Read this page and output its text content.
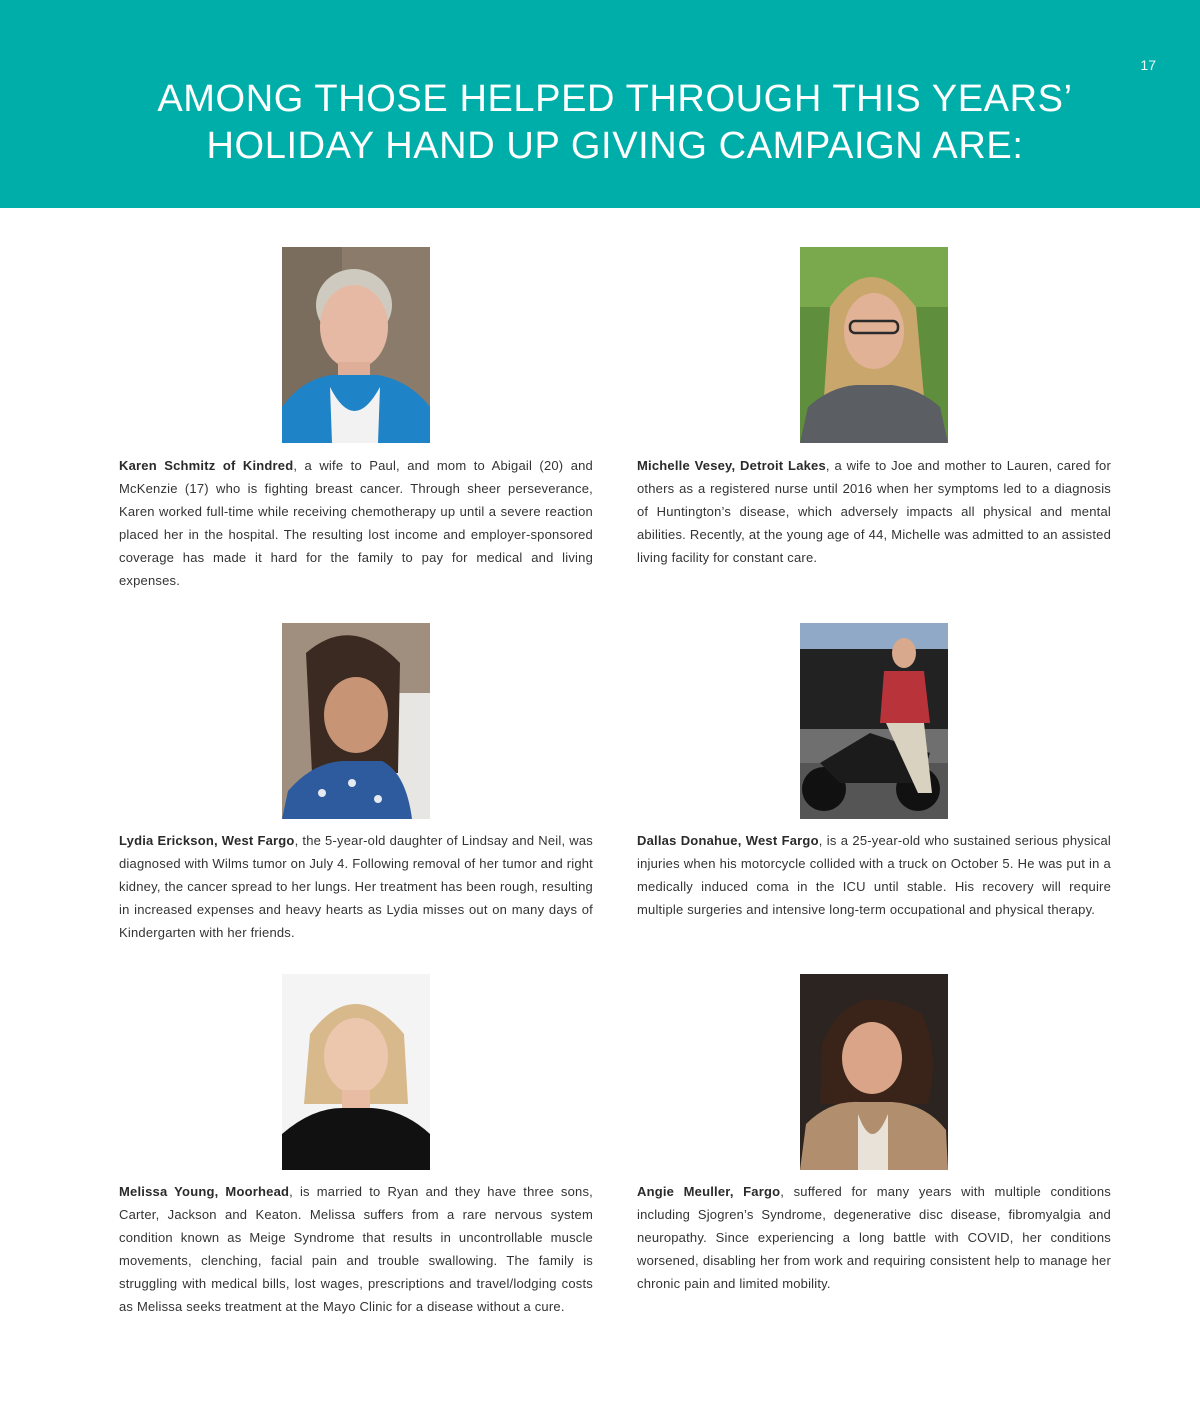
17
AMONG THOSE HELPED THROUGH THIS YEARS’
HOLIDAY HAND UP GIVING CAMPAIGN ARE:

Karen Schmitz of Kindred, a wife to Paul, and mom to Abigail (20) and McKenzie (17) who is fighting breast cancer. Through sheer perseverance, Karen worked full-time while receiving chemotherapy up until a severe reaction placed her in the hospital. The resulting lost income and employer-sponsored coverage has made it hard for the family to pay for medical and living expenses.

Michelle Vesey, Detroit Lakes, a wife to Joe and mother to Lauren, cared for others as a registered nurse until 2016 when her symptoms led to a diagnosis of Huntington’s disease, which adversely impacts all physical and mental abilities. Recently, at the young age of 44, Michelle was admitted to an assisted living facility for constant care.

Lydia Erickson, West Fargo, the 5-year-old daughter of Lindsay and Neil, was diagnosed with Wilms tumor on July 4. Following removal of her tumor and right kidney, the cancer spread to her lungs. Her treatment has been rough, resulting in increased expenses and heavy hearts as Lydia misses out on many days of Kindergarten with her friends.

Dallas Donahue, West Fargo, is a 25-year-old who sustained serious physical injuries when his motorcycle collided with a truck on October 5. He was put in a medically induced coma in the ICU until stable. His recovery will require multiple surgeries and intensive long-term occupational and physical therapy.

Melissa Young, Moorhead, is married to Ryan and they have three sons, Carter, Jackson and Keaton. Melissa suffers from a rare nervous system condition known as Meige Syndrome that results in uncontrollable muscle movements, clenching, facial pain and trouble swallowing. The family is struggling with medical bills, lost wages, prescriptions and travel/lodging costs as Melissa seeks treatment at the Mayo Clinic for a disease without a cure.

Angie Meuller, Fargo, suffered for many years with multiple conditions including Sjogren’s Syndrome, degenerative disc disease, fibromyalgia and neuropathy. Since experiencing a long battle with COVID, her conditions worsened, disabling her from work and requiring consistent help to manage her chronic pain and limited mobility.
